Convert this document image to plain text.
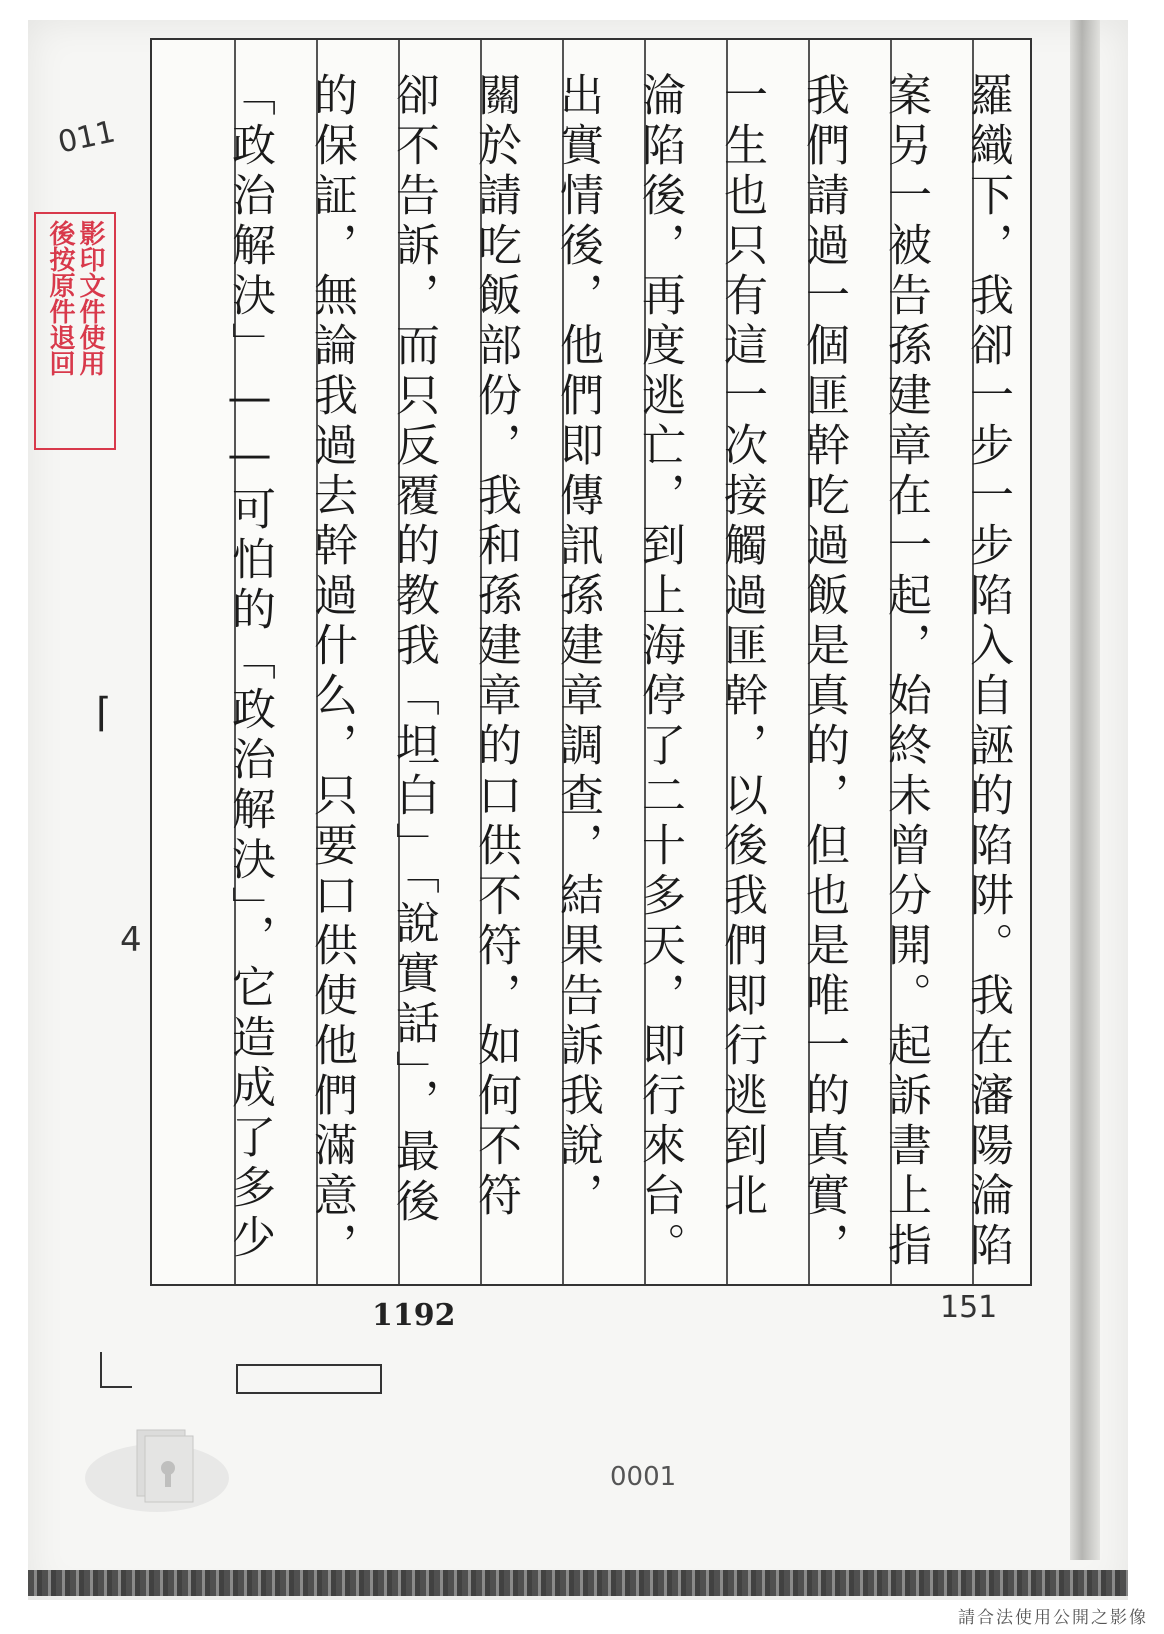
影印文件使用
後按原件退回
011
羅織下，我卻一步一步陷入自誣的陷阱。我在瀋陽淪陷
案另一被告孫建章在一起，始終未曾分開。起訴書上指
我們請過一個匪幹吃過飯是真的，但也是唯一的真實，
一生也只有這一次接觸過匪幹，以後我們即行逃到北
淪陷後，再度逃亡，到上海停了二十多天，即行來台。
出實情後，他們即傳訊孫建章調查，結果告訴我說，
關於請吃飯部份，我和孫建章的口供不符，如何不符
卻不告訴，而只反覆的教我「坦白」「說實話」，最後
的保証，無論我過去幹過什么，只要口供使他們滿意，
「政治解決」——可怕的「政治解決」，它造成了多少
⌈
4
1192	151
0001
請合法使用公開之影像
